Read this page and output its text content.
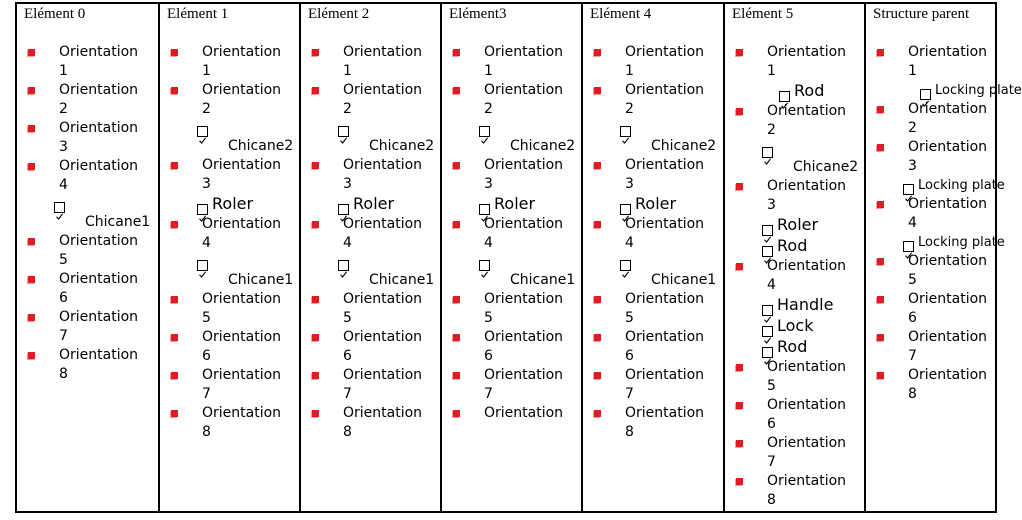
Elément 0
Orientation
1
Orientation
2
Orientation
3
Orientation
4
Chicane1
Orientation
5
Orientation
6
Orientation
7
Orientation
8
Elément 1
Orientation
1
Orientation
2
Chicane2
Orientation
3
Roler
Orientation
4
Chicane1
Orientation
5
Orientation
6
Orientation
7
Orientation
8
Elément 2
Orientation
1
Orientation
2
Chicane2
Orientation
3
Roler
Orientation
4
Chicane1
Orientation
5
Orientation
6
Orientation
7
Orientation
8
Elément3
Orientation
1
Orientation
2
Chicane2
Orientation
3
Roler
Orientation
4
Chicane1
Orientation
5
Orientation
6
Orientation
7
Orientation

Elément 4
Orientation
1
Orientation
2
Chicane2
Orientation
3
Roler
Orientation
4
Chicane1
Orientation
5
Orientation
6
Orientation
7
Orientation
8
Elément 5
Orientation
1
Rod
Orientation
2
Chicane2
Orientation
3
Roler
Rod
Orientation
4
Handle
Lock
Rod
Orientation
5
Orientation
6
Orientation
7
Orientation
8
Structure parent
Orientation
1
Locking plate
Orientation
2
Orientation
3
Locking plate
Orientation
4
Locking plate
Orientation
5
Orientation
6
Orientation
7
Orientation
8
